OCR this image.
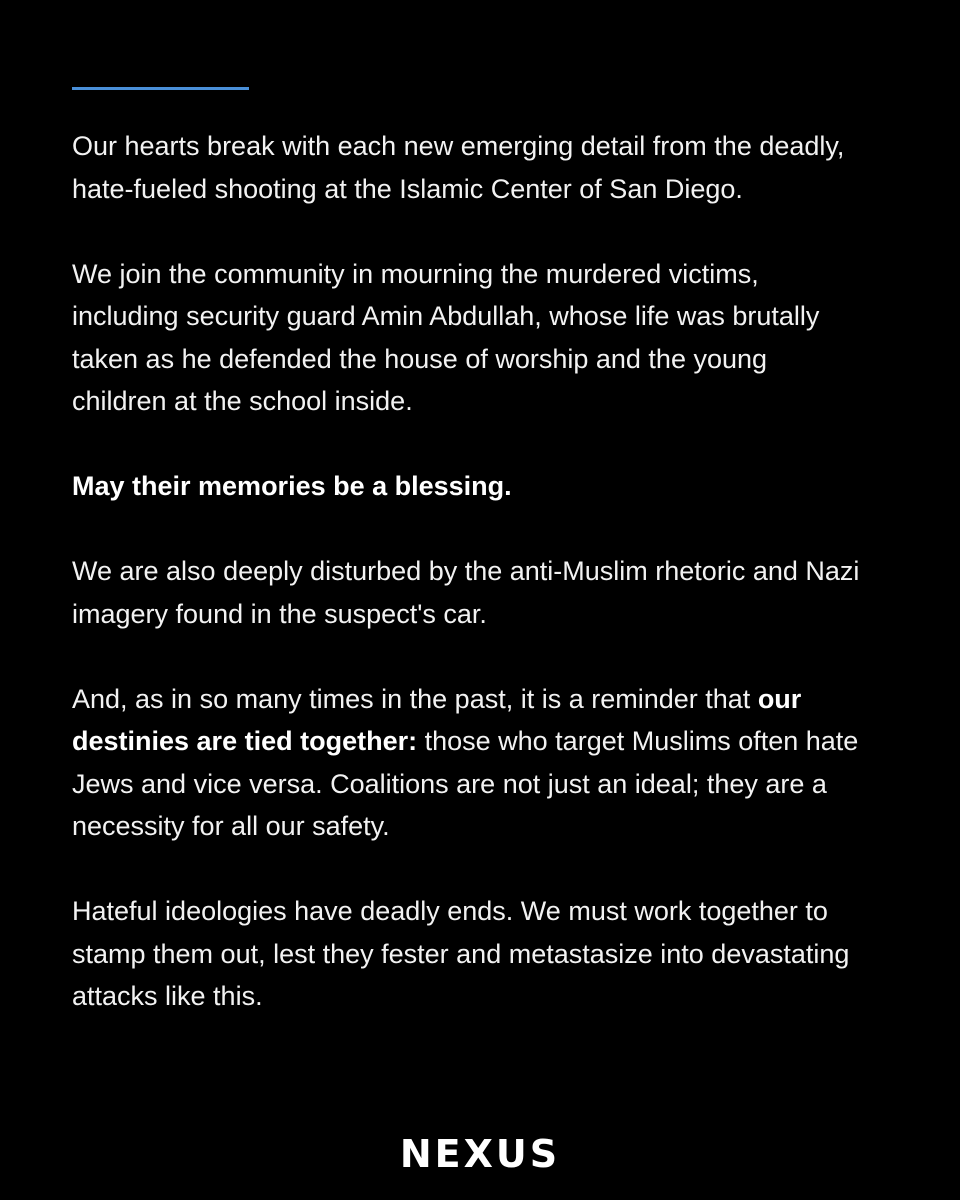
Our hearts break with each new emerging detail from the deadly, hate-fueled shooting at the Islamic Center of San Diego.

We join the community in mourning the murdered victims, including security guard Amin Abdullah, whose life was brutally taken as he defended the house of worship and the young children at the school inside.

May their memories be a blessing.

We are also deeply disturbed by the anti-Muslim rhetoric and Nazi imagery found in the suspect's car.

And, as in so many times in the past, it is a reminder that our destinies are tied together: those who target Muslims often hate Jews and vice versa. Coalitions are not just an ideal; they are a necessity for all our safety.

Hateful ideologies have deadly ends. We must work together to stamp them out, lest they fester and metastasize into devastating attacks like this.

NEXUS
